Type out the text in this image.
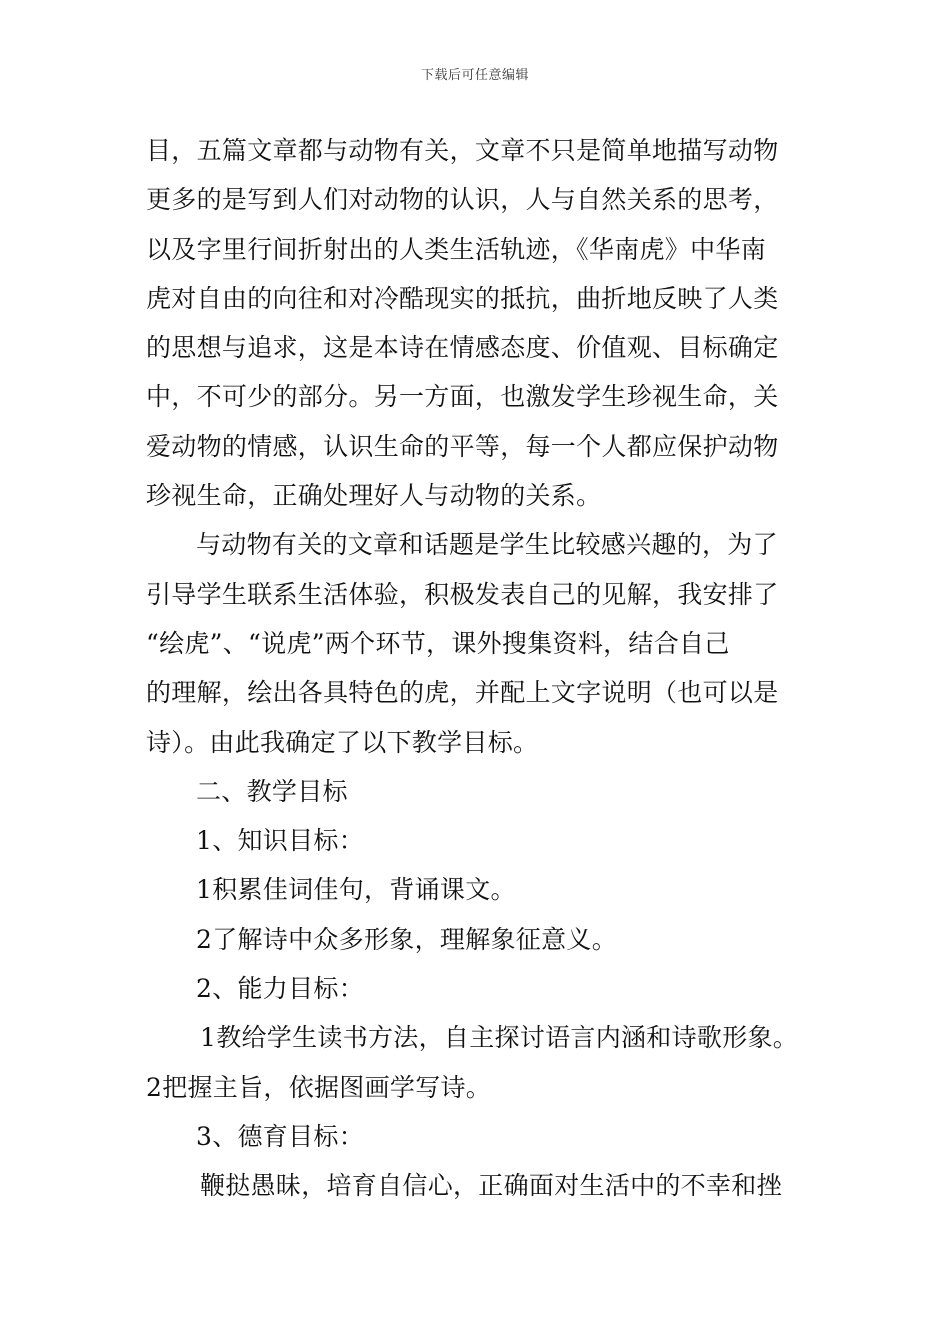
下载后可任意编辑
目，五篇文章都与动物有关，文章不只是简单地描写动物
更多的是写到人们对动物的认识，人与自然关系的思考，
以及字里行间折射出的人类生活轨迹，《华南虎》中华南
虎对自由的向往和对冷酷现实的抵抗，曲折地反映了人类
的思想与追求，这是本诗在情感态度、价值观、目标确定
中，不可少的部分。另一方面，也激发学生珍视生命，关
爱动物的情感，认识生命的平等，每一个人都应保护动物
珍视生命，正确处理好人与动物的关系。
与动物有关的文章和话题是学生比较感兴趣的，为了
引导学生联系生活体验，积极发表自己的见解，我安排了
“绘虎”、“说虎”两个环节，课外搜集资料，结合自己
的理解，绘出各具特色的虎，并配上文字说明（也可以是
诗）。由此我确定了以下教学目标。
二、教学目标
1、知识目标：
1积累佳词佳句，背诵课文。
2了解诗中众多形象，理解象征意义。
2、能力目标：
1教给学生读书方法，自主探讨语言内涵和诗歌形象。
2把握主旨，依据图画学写诗。
3、德育目标：
鞭挞愚昧，培育自信心，正确面对生活中的不幸和挫
